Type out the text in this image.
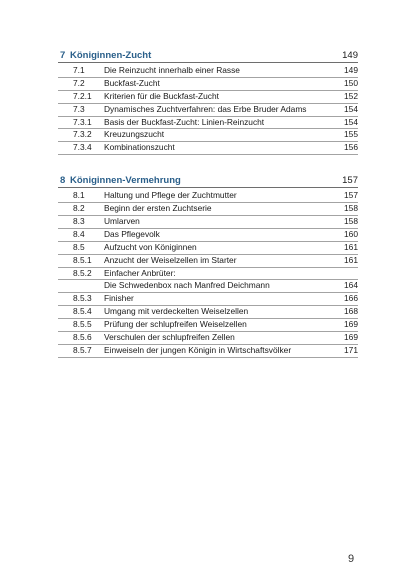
7 Königinnen-Zucht	149
7.1 Die Reinzucht innerhalb einer Rasse	149
7.2 Buckfast-Zucht	150
7.2.1 Kriterien für die Buckfast-Zucht	152
7.3 Dynamisches Zuchtverfahren: das Erbe Bruder Adams	154
7.3.1 Basis der Buckfast-Zucht: Linien-Reinzucht	154
7.3.2 Kreuzungszucht	155
7.3.4 Kombinationszucht	156
8 Königinnen-Vermehrung	157
8.1 Haltung und Pflege der Zuchtmutter	157
8.2 Beginn der ersten Zuchtserie	158
8.3 Umlarven	158
8.4 Das Pflegevolk	160
8.5 Aufzucht von Königinnen	161
8.5.1 Anzucht der Weiselzellen im Starter	161
8.5.2 Einfacher Anbrüter:
Die Schwedenbox nach Manfred Deichmann	164
8.5.3 Finisher	166
8.5.4 Umgang mit verdeckelten Weiselzellen	168
8.5.5 Prüfung der schlupfreifen Weiselzellen	169
8.5.6 Verschulen der schlupfreifen Zellen	169
8.5.7 Einweiseln der jungen Königin in Wirtschaftsvölker	171
9
